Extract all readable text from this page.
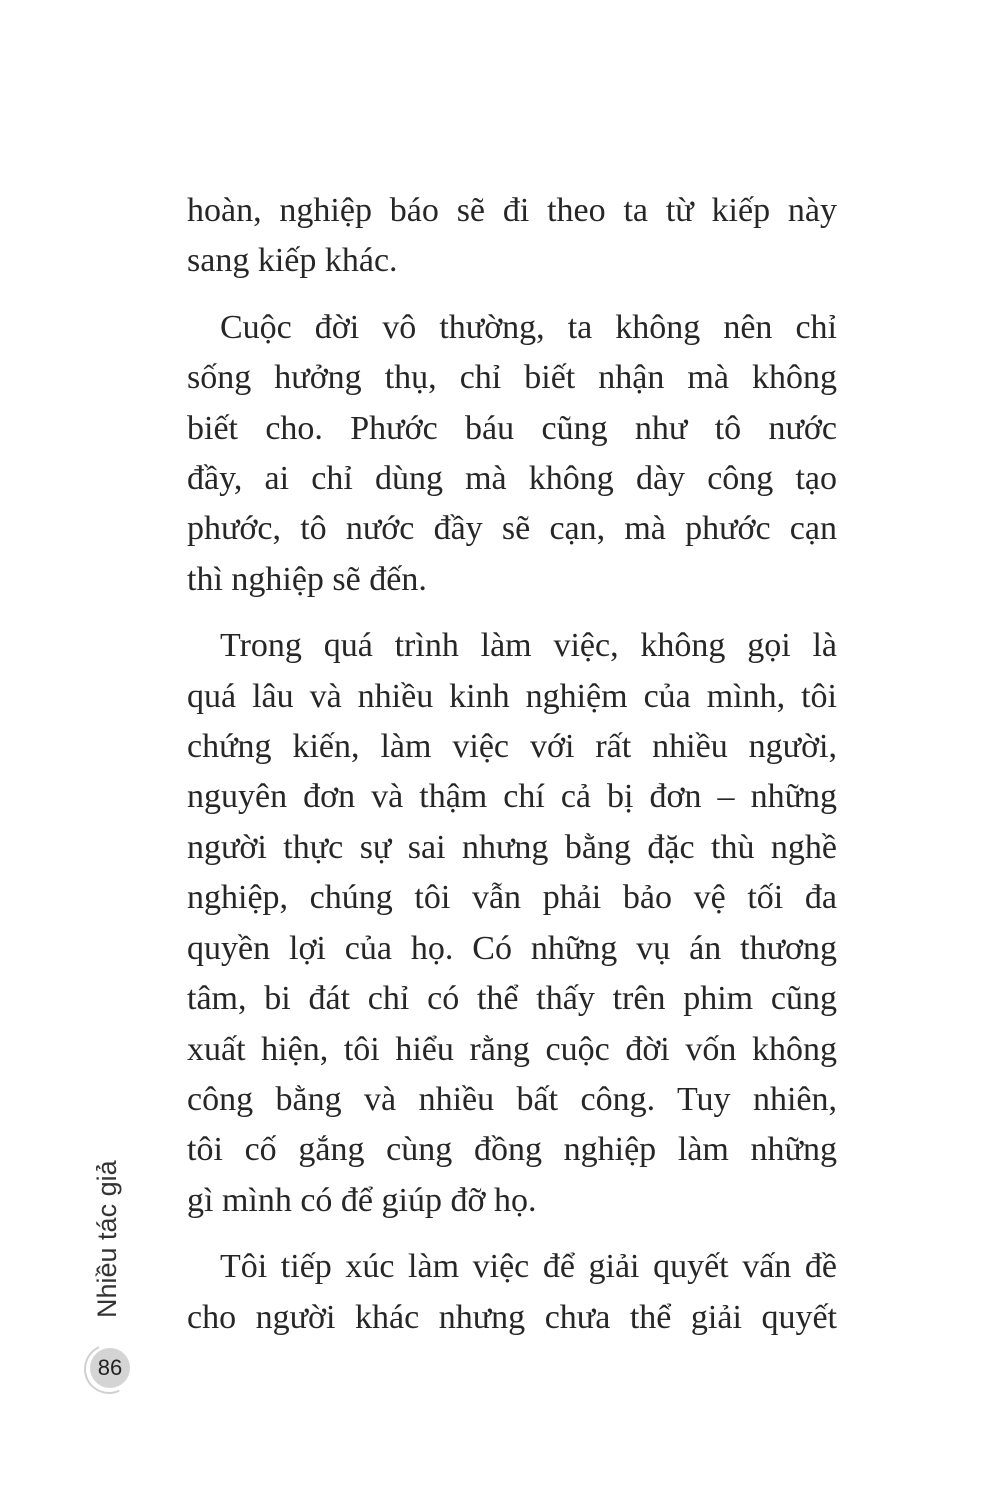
hoàn, nghiệp báo sẽ đi theo ta từ kiếp này
sang kiếp khác.

Cuộc đời vô thường, ta không nên chỉ
sống hưởng thụ, chỉ biết nhận mà không
biết cho. Phước báu cũng như tô nước
đầy, ai chỉ dùng mà không dày công tạo
phước, tô nước đầy sẽ cạn, mà phước cạn
thì nghiệp sẽ đến.

Trong quá trình làm việc, không gọi là
quá lâu và nhiều kinh nghiệm của mình, tôi
chứng kiến, làm việc với rất nhiều người,
nguyên đơn và thậm chí cả bị đơn – những
người thực sự sai nhưng bằng đặc thù nghề
nghiệp, chúng tôi vẫn phải bảo vệ tối đa
quyền lợi của họ. Có những vụ án thương
tâm, bi đát chỉ có thể thấy trên phim cũng
xuất hiện, tôi hiểu rằng cuộc đời vốn không
công bằng và nhiều bất công. Tuy nhiên,
tôi cố gắng cùng đồng nghiệp làm những
gì mình có để giúp đỡ họ.

Tôi tiếp xúc làm việc để giải quyết vấn đề
cho người khác nhưng chưa thể giải quyết

Nhiều tác giả
86
